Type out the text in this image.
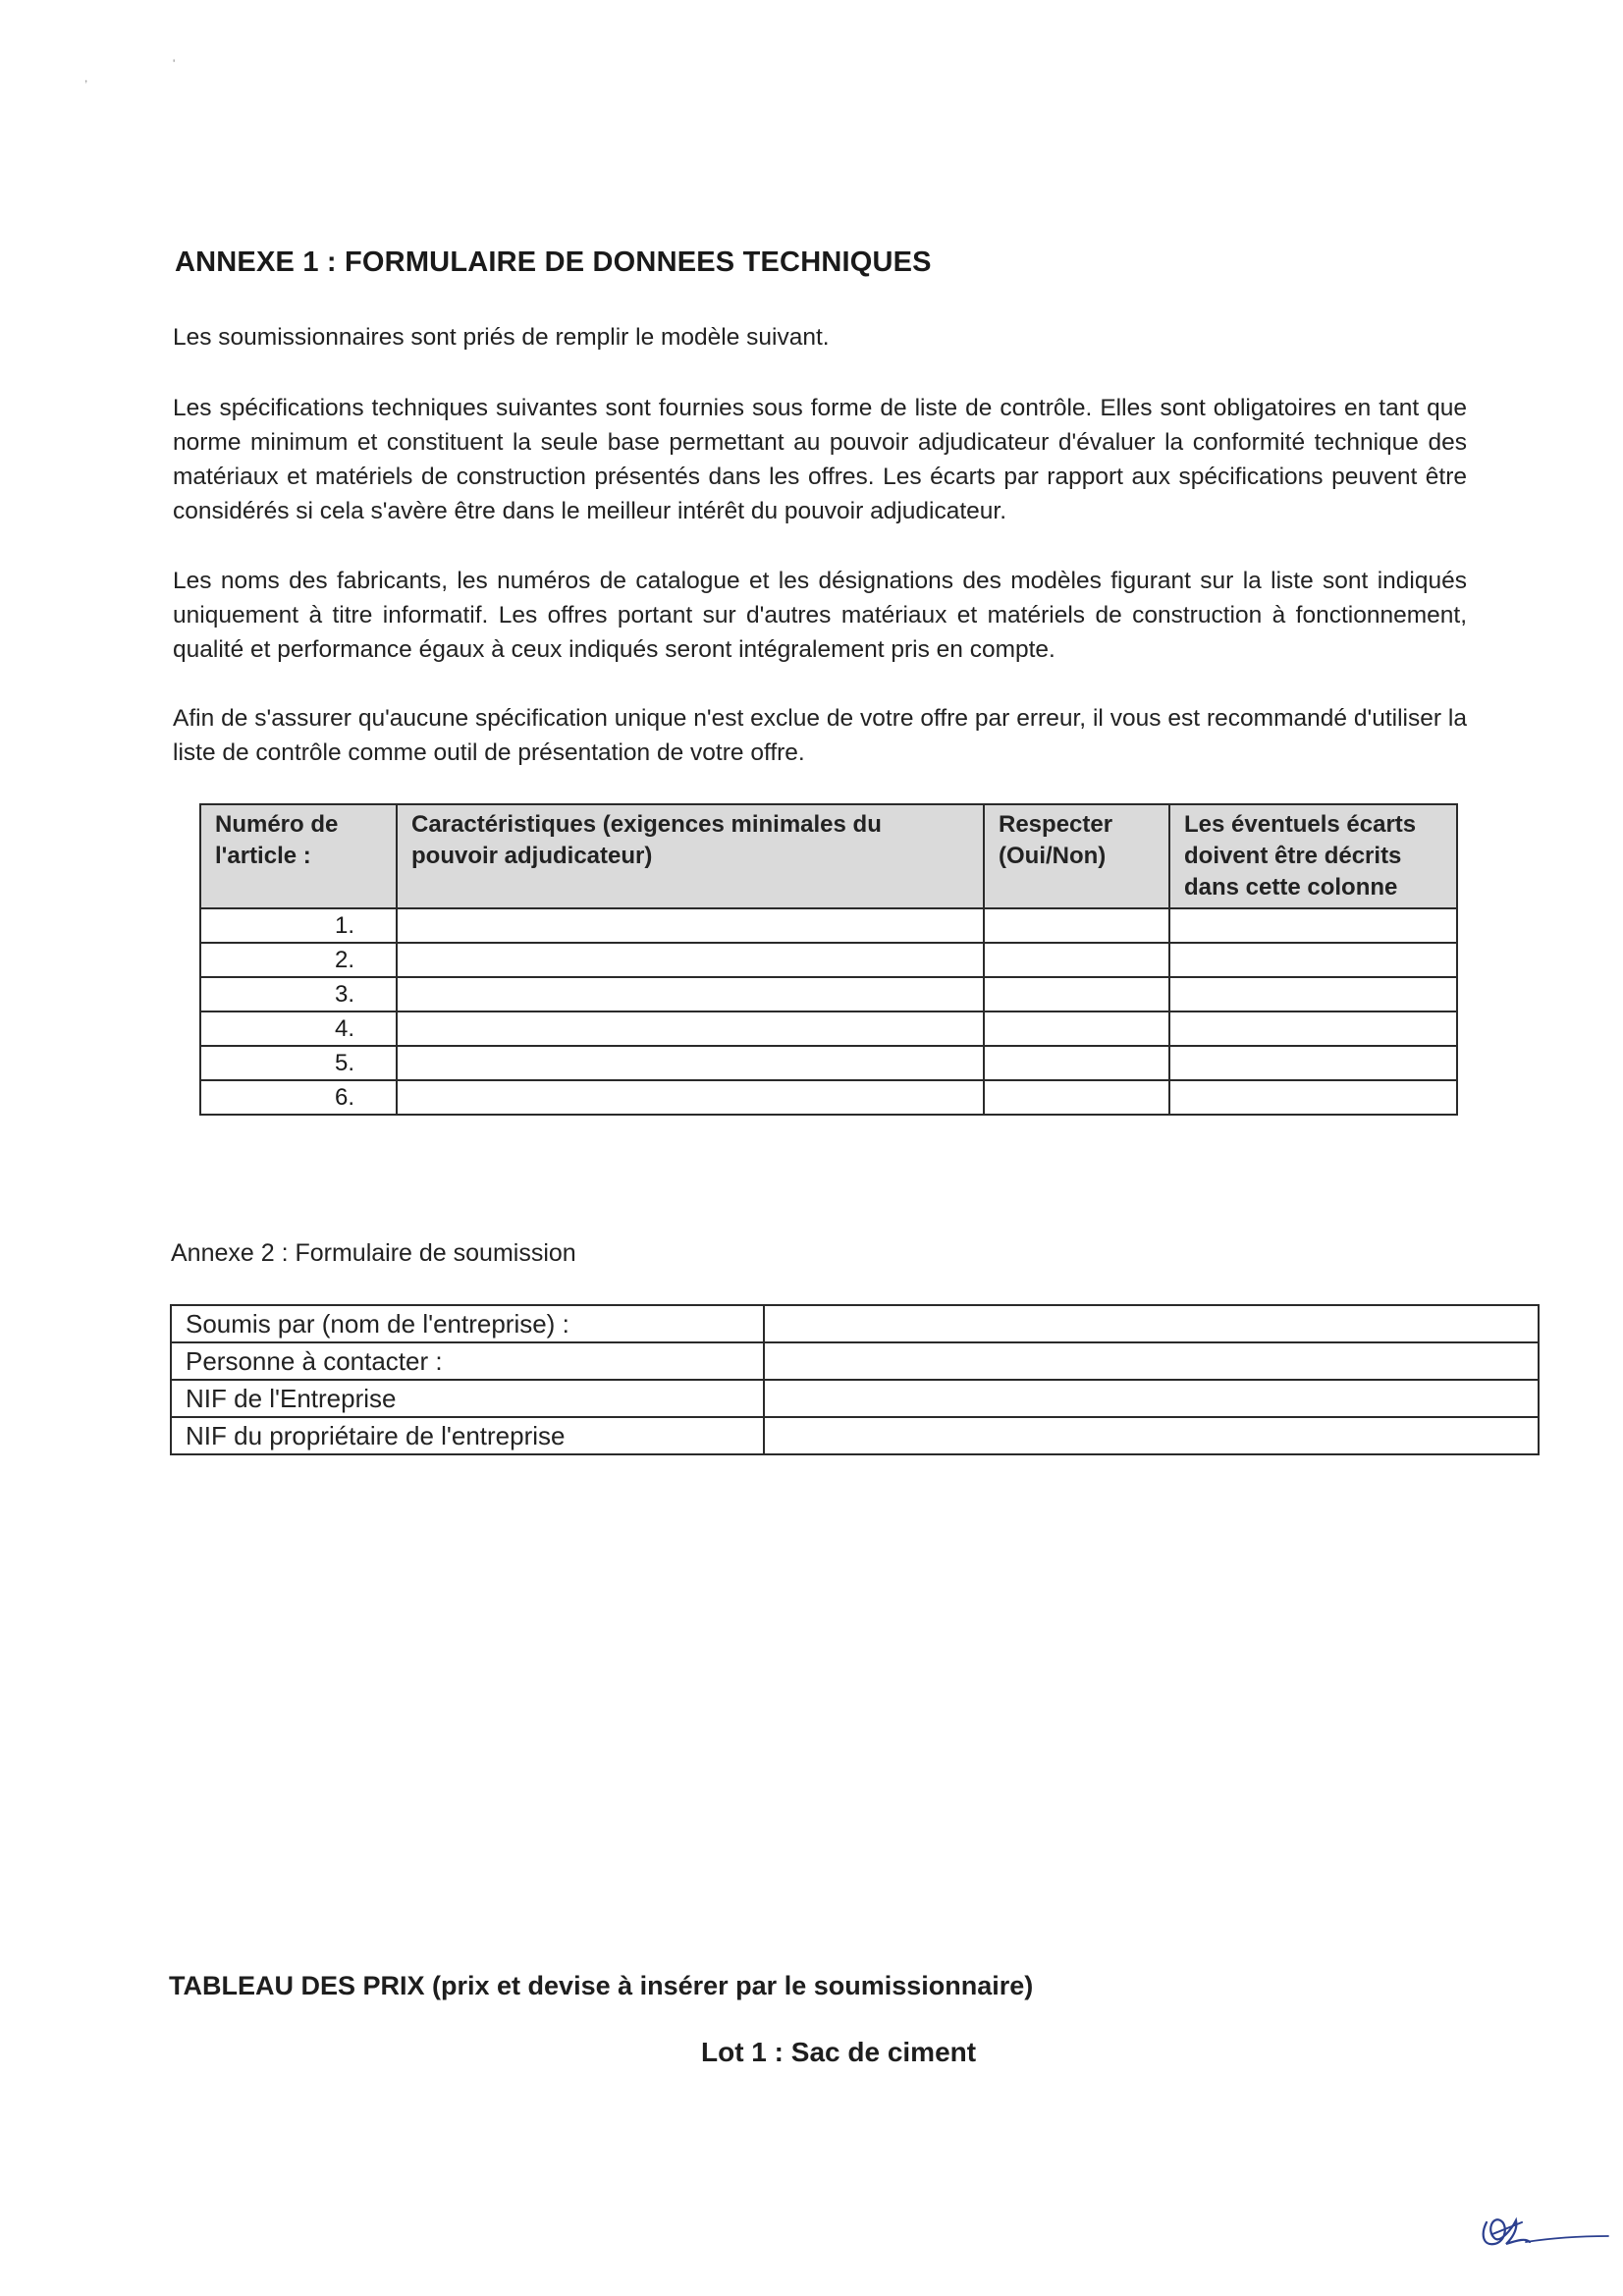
'
,
ANNEXE 1 : FORMULAIRE DE DONNEES TECHNIQUES
Les soumissionnaires sont priés de remplir le modèle suivant.
Les spécifications techniques suivantes sont fournies sous forme de liste de contrôle. Elles sont obligatoires en tant que norme minimum et constituent la seule base permettant au pouvoir adjudicateur d'évaluer la conformité technique des matériaux et matériels de construction présentés dans les offres. Les écarts par rapport aux spécifications peuvent être considérés si cela s'avère être dans le meilleur intérêt du pouvoir adjudicateur.
Les noms des fabricants, les numéros de catalogue et les désignations des modèles figurant sur la liste sont indiqués uniquement à titre informatif. Les offres portant sur d'autres matériaux et matériels de construction à fonctionnement, qualité et performance égaux à ceux indiqués seront intégralement pris en compte.
Afin de s'assurer qu'aucune spécification unique n'est exclue de votre offre par erreur, il vous est recommandé d'utiliser la liste de contrôle comme outil de présentation de votre offre.
Numéro de l'article :	Caractéristiques (exigences minimales du pouvoir adjudicateur)	Respecter (Oui/Non)	Les éventuels écarts doivent être décrits dans cette colonne
1.			
2.			
3.			
4.			
5.			
6.			
Annexe 2 : Formulaire de soumission
Soumis par (nom de l'entreprise) :	
Personne à contacter :	
NIF de l'Entreprise	
NIF du propriétaire de l'entreprise	
TABLEAU DES PRIX (prix et devise à insérer par le soumissionnaire)
Lot 1 : Sac de ciment
